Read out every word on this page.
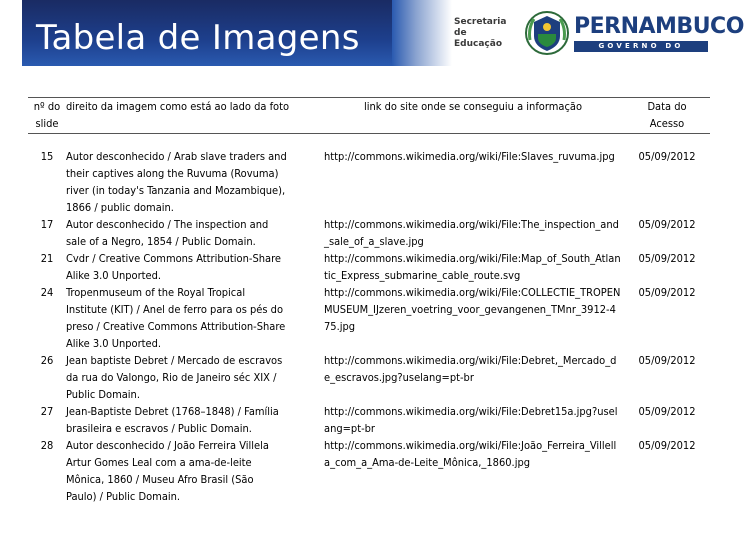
Tabela de Imagens	Secretaria
de
Educação
PERNAMBUCO
GOVERNO DO ESTADO
nº do
slide	direito da imagem como está ao lado da foto	link do site onde se conseguiu a informação	Data do
Acesso

15	Autor desconhecido / Arab slave traders and
their captives along the Ruvuma (Rovuma)
river (in today's Tanzania and Mozambique),
1866 / public domain.	http://commons.wikimedia.org/wiki/File:Slaves_ruvuma.jpg	05/09/2012
17	Autor desconhecido / The inspection and
sale of a Negro, 1854 / Public Domain.	http://commons.wikimedia.org/wiki/File:The_inspection_and_sale_of_a_slave.jpg	05/09/2012
21	Cvdr / Creative Commons Attribution-Share
Alike 3.0 Unported.	http://commons.wikimedia.org/wiki/File:Map_of_South_Atlantic_Express_submarine_cable_route.svg	05/09/2012
24	Tropenmuseum of the Royal Tropical
Institute (KIT) / Anel de ferro para os pés do
preso / Creative Commons Attribution-Share
Alike 3.0 Unported.	http://commons.wikimedia.org/wiki/File:COLLECTIE_TROPENMUSEUM_IJzeren_voetring_voor_gevangenen_TMnr_3912-475.jpg	05/09/2012
26	Jean baptiste Debret / Mercado de escravos
da rua do Valongo, Rio de Janeiro séc XIX /
Public Domain.	http://commons.wikimedia.org/wiki/File:Debret,_Mercado_de_escravos.jpg?uselang=pt-br	05/09/2012
27	Jean-Baptiste Debret (1768–1848) / Família
brasileira e escravos / Public Domain.	http://commons.wikimedia.org/wiki/File:Debret15a.jpg?uselang=pt-br	05/09/2012
28	Autor desconhecido / João Ferreira Villela
Artur Gomes Leal com a ama-de-leite
Mônica, 1860 / Museu Afro Brasil (São
Paulo) / Public Domain.	http://commons.wikimedia.org/wiki/File:João_Ferreira_Villella_com_a_Ama-de-Leite_Mônica,_1860.jpg	05/09/2012
